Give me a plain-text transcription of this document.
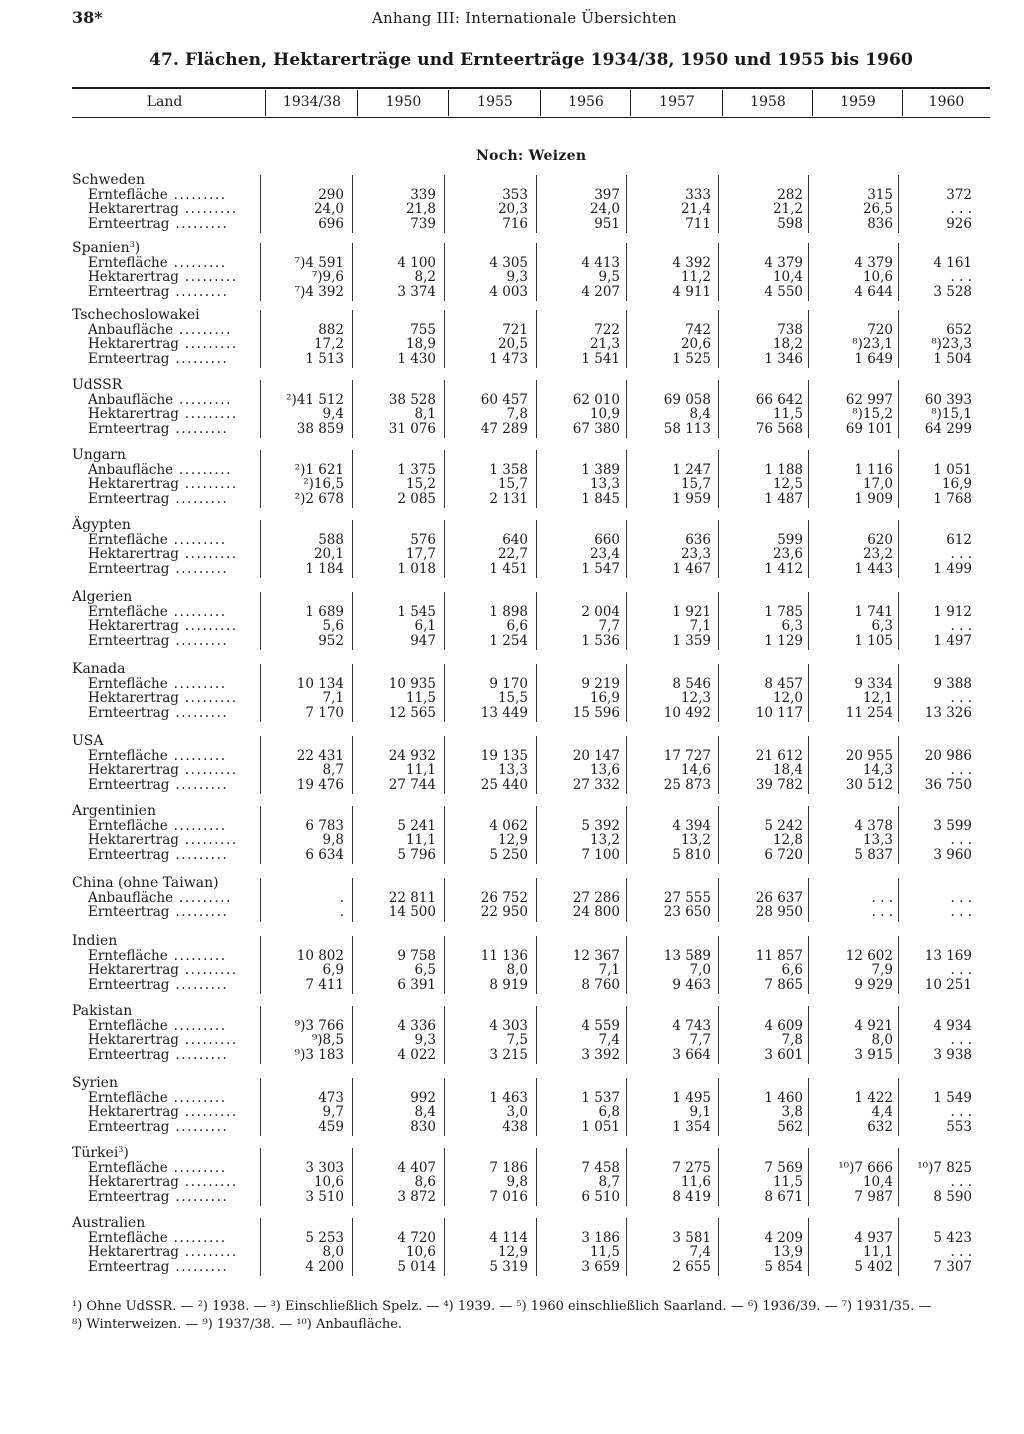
38*	Anhang III: Internationale Übersichten
47. Flächen, Hektarerträge und Ernteerträge 1934/38, 1950 und 1955 bis 1960
Land	1934/38	1950	1955	1956	1957	1958	1959	1960
Noch: Weizen
Schweden
Erntefläche .........	290	339	353	397	333	282	315	372
Hektarertrag .........	24,0	21,8	20,3	24,0	21,4	21,2	26,5	. . .
Ernteertrag .........	696	739	716	951	711	598	836	926
Spanien$^3$)
Erntefläche .........	⁷)4 591	4 100	4 305	4 413	4 392	4 379	4 379	4 161
Hektarertrag .........	⁷)9,6	8,2	9,3	9,5	11,2	10,4	10,6	. . .
Ernteertrag .........	⁷)4 392	3 374	4 003	4 207	4 911	4 550	4 644	3 528
Tschechoslowakei
Anbaufläche .........	882	755	721	722	742	738	720	652
Hektarertrag .........	17,2	18,9	20,5	21,3	20,6	18,2	⁸)23,1	⁸)23,3
Ernteertrag .........	1 513	1 430	1 473	1 541	1 525	1 346	1 649	1 504
UdSSR
Anbaufläche .........	²)41 512	38 528	60 457	62 010	69 058	66 642	62 997	60 393
Hektarertrag .........	9,4	8,1	7,8	10,9	8,4	11,5	⁸)15,2	⁸)15,1
Ernteertrag .........	38 859	31 076	47 289	67 380	58 113	76 568	69 101	64 299
Ungarn
Anbaufläche .........	²)1 621	1 375	1 358	1 389	1 247	1 188	1 116	1 051
Hektarertrag .........	²)16,5	15,2	15,7	13,3	15,7	12,5	17,0	16,9
Ernteertrag .........	²)2 678	2 085	2 131	1 845	1 959	1 487	1 909	1 768
Ägypten
Erntefläche .........	588	576	640	660	636	599	620	612
Hektarertrag .........	20,1	17,7	22,7	23,4	23,3	23,6	23,2	. . .
Ernteertrag .........	1 184	1 018	1 451	1 547	1 467	1 412	1 443	1 499
Algerien
Erntefläche .........	1 689	1 545	1 898	2 004	1 921	1 785	1 741	1 912
Hektarertrag .........	5,6	6,1	6,6	7,7	7,1	6,3	6,3	. . .
Ernteertrag .........	952	947	1 254	1 536	1 359	1 129	1 105	1 497
Kanada
Erntefläche .........	10 134	10 935	9 170	9 219	8 546	8 457	9 334	9 388
Hektarertrag .........	7,1	11,5	15,5	16,9	12,3	12,0	12,1	. . .
Ernteertrag .........	7 170	12 565	13 449	15 596	10 492	10 117	11 254	13 326
USA
Erntefläche .........	22 431	24 932	19 135	20 147	17 727	21 612	20 955	20 986
Hektarertrag .........	8,7	11,1	13,3	13,6	14,6	18,4	14,3	. . .
Ernteertrag .........	19 476	27 744	25 440	27 332	25 873	39 782	30 512	36 750
Argentinien
Erntefläche .........	6 783	5 241	4 062	5 392	4 394	5 242	4 378	3 599
Hektarertrag .........	9,8	11,1	12,9	13,2	13,2	12,8	13,3	. . .
Ernteertrag .........	6 634	5 796	5 250	7 100	5 810	6 720	5 837	3 960
China (ohne Taiwan)
Anbaufläche .........	.	22 811	26 752	27 286	27 555	26 637	. . .	. . .
Ernteertrag .........	.	14 500	22 950	24 800	23 650	28 950	. . .	. . .
Indien
Erntefläche .........	10 802	9 758	11 136	12 367	13 589	11 857	12 602	13 169
Hektarertrag .........	6,9	6,5	8,0	7,1	7,0	6,6	7,9	. . .
Ernteertrag .........	7 411	6 391	8 919	8 760	9 463	7 865	9 929	10 251
Pakistan
Erntefläche .........	⁹)3 766	4 336	4 303	4 559	4 743	4 609	4 921	4 934
Hektarertrag .........	⁹)8,5	9,3	7,5	7,4	7,7	7,8	8,0	. . .
Ernteertrag .........	⁹)3 183	4 022	3 215	3 392	3 664	3 601	3 915	3 938
Syrien
Erntefläche .........	473	992	1 463	1 537	1 495	1 460	1 422	1 549
Hektarertrag .........	9,7	8,4	3,0	6,8	9,1	3,8	4,4	. . .
Ernteertrag .........	459	830	438	1 051	1 354	562	632	553
Türkei$^3$)
Erntefläche .........	3 303	4 407	7 186	7 458	7 275	7 569	¹⁰)7 666	¹⁰)7 825
Hektarertrag .........	10,6	8,6	9,8	8,7	11,6	11,5	10,4	. . .
Ernteertrag .........	3 510	3 872	7 016	6 510	8 419	8 671	7 987	8 590
Australien
Erntefläche .........	5 253	4 720	4 114	3 186	3 581	4 209	4 937	5 423
Hektarertrag .........	8,0	10,6	12,9	11,5	7,4	13,9	11,1	. . .
Ernteertrag .........	4 200	5 014	5 319	3 659	2 655	5 854	5 402	7 307
¹) Ohne UdSSR. — ²) 1938. — ³) Einschließlich Spelz. — ⁴) 1939. — ⁵) 1960 einschließlich Saarland. — ⁶) 1936/39. — ⁷) 1931/35. —
⁸) Winterweizen. — ⁹) 1937/38. — ¹⁰) Anbaufläche.
